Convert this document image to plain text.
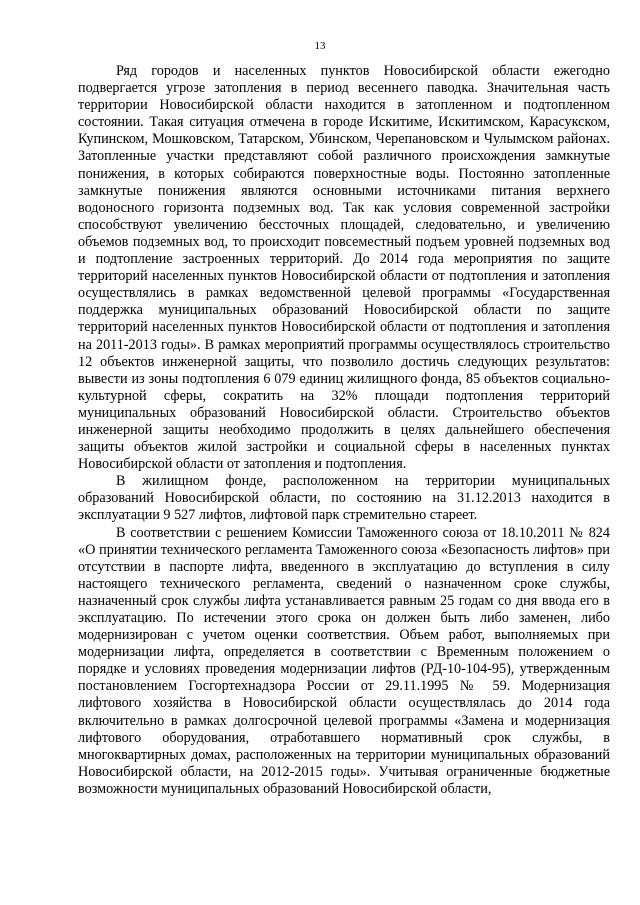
13

Ряд городов и населенных пунктов Новосибирской области ежегодно подвергается угрозе затопления в период весеннего паводка. Значительная часть территории Новосибирской области находится в затопленном и подтопленном состоянии. Такая ситуация отмечена в городе Искитиме, Искитимском, Карасукском, Купинском, Мошковском, Татарском, Убинском, Черепановском и Чулымском районах. Затопленные участки представляют собой различного происхождения замкнутые понижения, в которых собираются поверхностные воды. Постоянно затопленные замкнутые понижения являются основными источниками питания верхнего водоносного горизонта подземных вод. Так как условия современной застройки способствуют увеличению бессточных площадей, следовательно, и увеличению объемов подземных вод, то происходит повсеместный подъем уровней подземных вод и подтопление застроенных территорий. До 2014 года мероприятия по защите территорий населенных пунктов Новосибирской области от подтопления и затопления осуществлялись в рамках ведомственной целевой программы «Государственная поддержка муниципальных образований Новосибирской области по защите территорий населенных пунктов Новосибирской области от подтопления и затопления на 2011-2013 годы». В рамках мероприятий программы осуществлялось строительство 12 объектов инженерной защиты, что позволило достичь следующих результатов: вывести из зоны подтопления 6 079 единиц жилищного фонда, 85 объектов социально-культурной сферы, сократить на 32% площади подтопления территорий муниципальных образований Новосибирской области. Строительство объектов инженерной защиты необходимо продолжить в целях дальнейшего обеспечения защиты объектов жилой застройки и социальной сферы в населенных пунктах Новосибирской области от затопления и подтопления.

В жилищном фонде, расположенном на территории муниципальных образований Новосибирской области, по состоянию на 31.12.2013 находится в эксплуатации 9 527 лифтов, лифтовой парк стремительно стареет.

В соответствии с решением Комиссии Таможенного союза от 18.10.2011 № 824 «О принятии технического регламента Таможенного союза «Безопасность лифтов» при отсутствии в паспорте лифта, введенного в эксплуатацию до вступления в силу настоящего технического регламента, сведений о назначенном сроке службы, назначенный срок службы лифта устанавливается равным 25 годам со дня ввода его в эксплуатацию. По истечении этого срока он должен быть либо заменен, либо модернизирован с учетом оценки соответствия. Объем работ, выполняемых при модернизации лифта, определяется в соответствии с Временным положением о порядке и условиях проведения модернизации лифтов (РД-10-104-95), утвержденным постановлением Госгортехнадзора России от 29.11.1995 № 59. Модернизация лифтового хозяйства в Новосибирской области осуществлялась до 2014 года включительно в рамках долгосрочной целевой программы «Замена и модернизация лифтового оборудования, отработавшего нормативный срок службы, в многоквартирных домах, расположенных на территории муниципальных образований Новосибирской области, на 2012-2015 годы». Учитывая ограниченные бюджетные возможности муниципальных образований Новосибирской области,
